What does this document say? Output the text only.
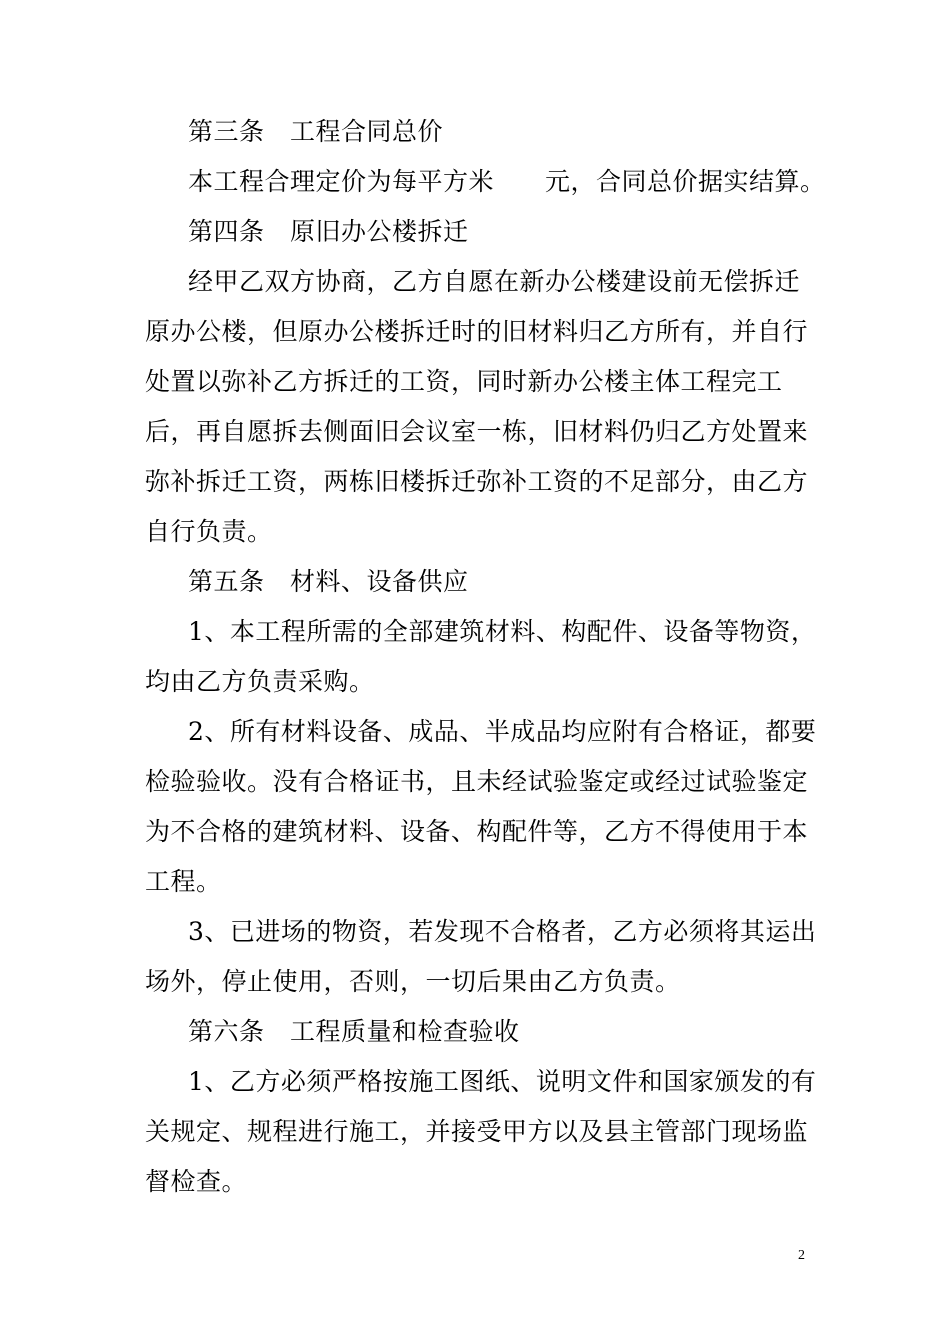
第三条　工程合同总价
本工程合理定价为每平方米　　元，合同总价据实结算。
第四条　原旧办公楼拆迁
经甲乙双方协商，乙方自愿在新办公楼建设前无偿拆迁
原办公楼，但原办公楼拆迁时的旧材料归乙方所有，并自行
处置以弥补乙方拆迁的工资，同时新办公楼主体工程完工
后，再自愿拆去侧面旧会议室一栋，旧材料仍归乙方处置来
弥补拆迁工资，两栋旧楼拆迁弥补工资的不足部分，由乙方
自行负责。
第五条　材料、设备供应
1、本工程所需的全部建筑材料、构配件、设备等物资，
均由乙方负责采购。
2、所有材料设备、成品、半成品均应附有合格证，都要
检验验收。没有合格证书，且未经试验鉴定或经过试验鉴定
为不合格的建筑材料、设备、构配件等，乙方不得使用于本
工程。
3、已进场的物资，若发现不合格者，乙方必须将其运出
场外，停止使用，否则，一切后果由乙方负责。
第六条　工程质量和检查验收
1、乙方必须严格按施工图纸、说明文件和国家颁发的有
关规定、规程进行施工，并接受甲方以及县主管部门现场监
督检查。
2
